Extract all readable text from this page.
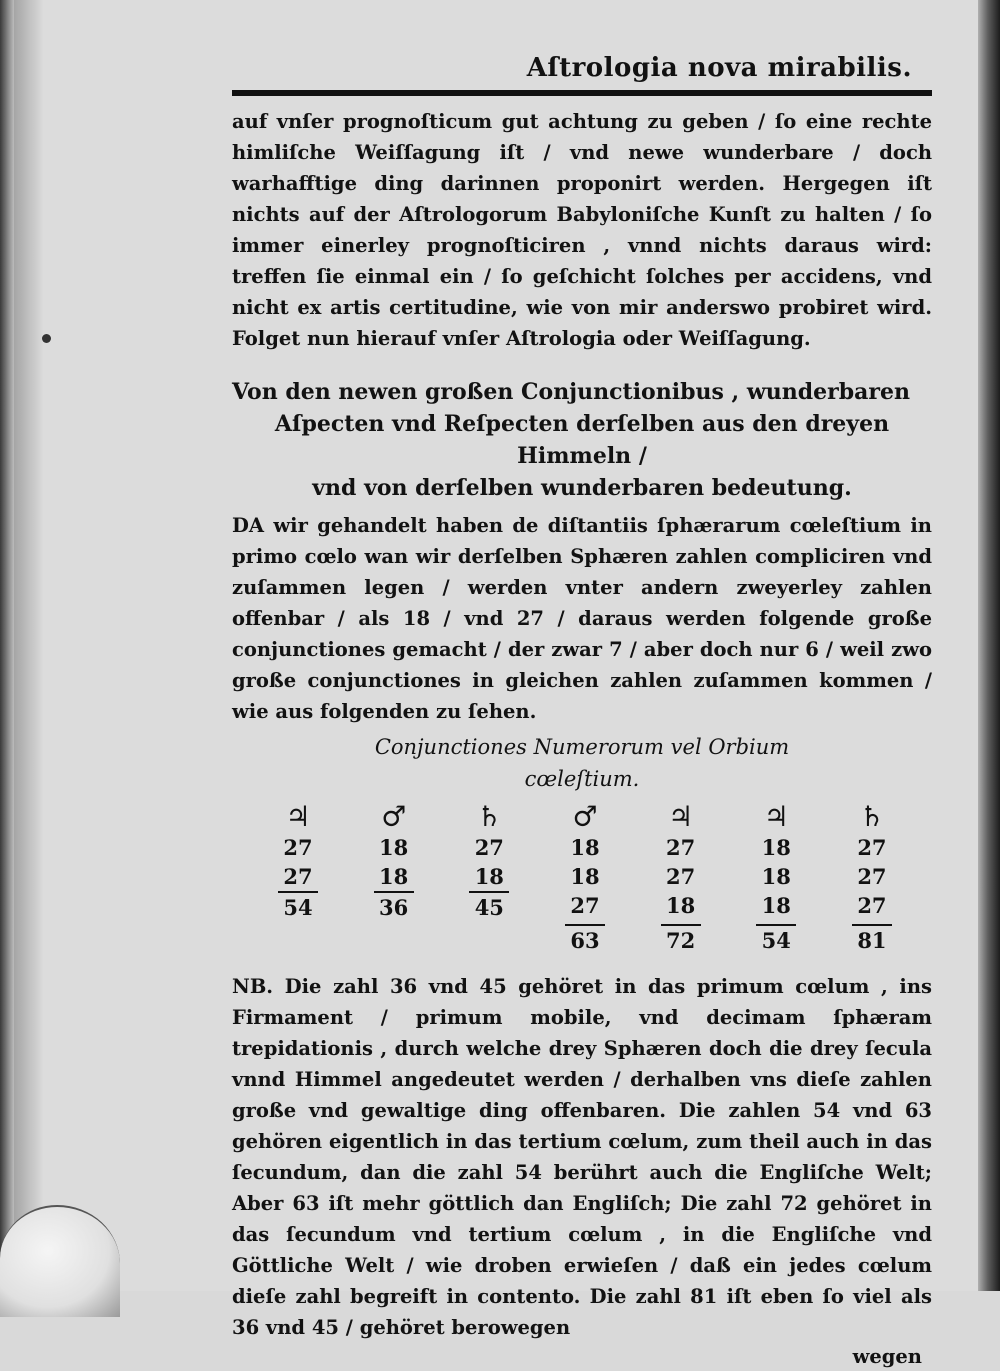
Aſtrologia nova mirabilis.

auf vnſer prognoſticum gut achtung zu geben / ſo eine rechte himliſche Weiſſagung iſt / vnd newe wunderbare / doch warhafftige ding darinnen proponirt werden. Hergegen iſt nichts auf der Aſtrologorum Babyloniſche Kunſt zu halten / ſo immer einerley prognoſticiren , vnnd nichts daraus wird: treffen ſie einmal ein / ſo geſchicht ſolches per accidens, vnd nicht ex artis certitudine, wie von mir anderswo probiret wird. Folget nun hierauf vnſer Aſtrologia oder Weiſſagung.

Von den newen großen Conjunctionibus , wunderbaren
Aſpecten vnd Reſpecten derſelben aus den dreyen Himmeln /
vnd von derſelben wunderbaren bedeutung.

DA wir gehandelt haben de diſtantiis ſphærarum cœleſtium in primo cœlo wan wir derſelben Sphæren zahlen compliciren vnd zuſammen legen / werden vnter andern zweyerley zahlen offenbar / als 18 / vnd 27 / daraus werden folgende große conjunctiones gemacht / der zwar 7 / aber doch nur 6 / weil zwo große conjunctiones in gleichen zahlen zuſammen kommen / wie aus folgenden zu ſehen.

Conjunctiones Numerorum vel Orbium
cœleſtium.
♃
27
27
54
♂
18
18
36
♄
27
18
45
♂
18
18
27
63
♃
27
27
18
72
♃
18
18
18
54
♄
27
27
27
81

NB. Die zahl 36 vnd 45 gehöret in das primum cœlum , ins Firmament / primum mobile, vnd decimam ſphæram trepidationis , durch welche drey Sphæren doch die drey ſecula vnnd Himmel angedeutet werden / derhalben vns dieſe zahlen große vnd gewaltige ding offenbaren. Die zahlen 54 vnd 63 gehören eigentlich in das tertium cœlum, zum theil auch in das ſecundum, dan die zahl 54 berührt auch die Engliſche Welt; Aber 63 iſt mehr göttlich dan Engliſch; Die zahl 72 gehöret in das ſecundum vnd tertium cœlum , in die Engliſche vnd Göttliche Welt / wie droben erwieſen / daß ein jedes cœlum dieſe zahl begreift in contento. Die zahl 81 iſt eben ſo viel als 36 vnd 45 / gehöret berowegen

wegen
